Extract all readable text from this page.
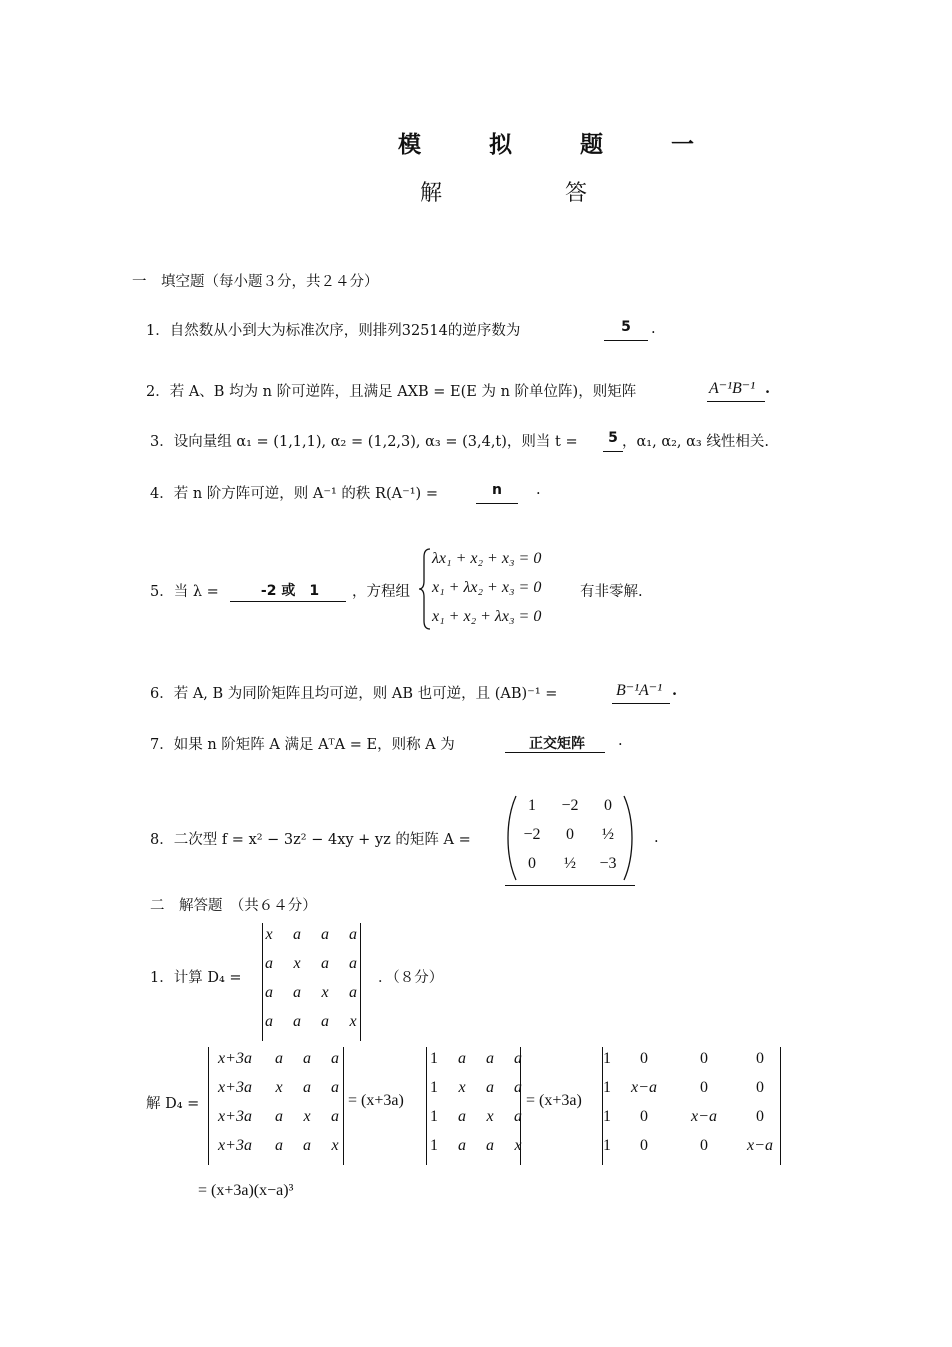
模 拟 题 一
解 答
一　填空题（每小题３分，共２４分）
1．自然数从小到大为标准次序，则排列32514的逆序数为	5	.
2．若 A、B 均为 n 阶可逆阵，且满足 AXB = E(E 为 n 阶单位阵)，则矩阵	A⁻¹B⁻¹ .
3．设向量组 α₁ = (1,1,1), α₂ = (1,2,3), α₃ = (3,4,t)，则当 t = 5 ，α₁, α₂, α₃ 线性相关.
4．若 n 阶方阵可逆，则 A⁻¹ 的秩 R(A⁻¹) =	n	.
5．当 λ =	-2 或　1	，方程组
λx₁ + x₂ + x₃ = 0
x₁ + λx₂ + x₃ = 0
x₁ + x₂ + λx₃ = 0
有非零解.
6．若 A, B 为同阶矩阵且均可逆，则 AB 也可逆，且 (AB)⁻¹ =	B⁻¹A⁻¹ .
7．如果 n 阶矩阵 A 满足 AᵀA = E，则称 A 为	正交矩阵	.
8．二次型 f = x² − 3z² − 4xy + yz 的矩阵 A =
1	−2	0
−2	0	½
0	½	−3
.
二　解答题　（共６４分）
1．计算 D₄ =
x	a	a	a
a	x	a	a
a	a	x	a
a	a	a	x
．（８分）
解 D₄ =
x+3a	a	a	a
x+3a	x	a	a
x+3a	a	x	a
x+3a	a	a	x
= (x+3a)
1	a	a	a
1	x	a	a
1	a	x	a
1	a	a	x
= (x+3a)
1	0	0	0
1	x−a	0	0
1	0	x−a	0
1	0	0	x−a
= (x+3a)(x−a)³
